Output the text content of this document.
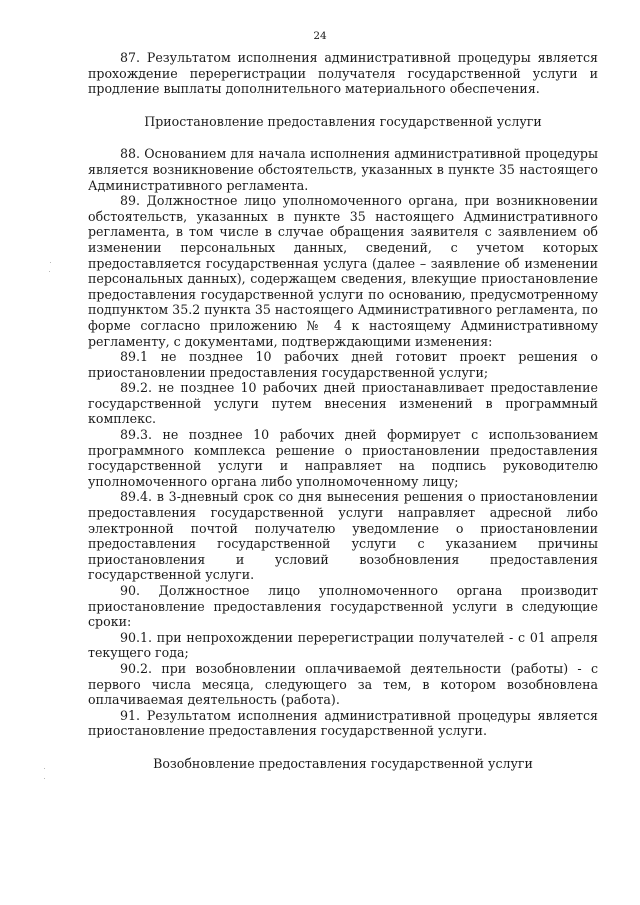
24

87. Результатом исполнения административной процедуры является прохождение перерегистрации получателя государственной услуги и продление выплаты дополнительного материального обеспечения.

Приостановление предоставления государственной услуги

88. Основанием для начала исполнения административной процедуры является возникновение обстоятельств, указанных в пункте 35 настоящего Административного регламента.

89. Должностное лицо уполномоченного органа, при возникновении обстоятельств, указанных в пункте 35 настоящего Административного регламента, в том числе в случае обращения заявителя с заявлением об изменении персональных данных, сведений, с учетом которых предоставляется государственная услуга (далее – заявление об изменении персональных данных), содержащем сведения, влекущие приостановление предоставления государственной услуги по основанию, предусмотренному подпунктом 35.2 пункта 35 настоящего Административного регламента, по форме согласно приложению № 4 к настоящему Административному регламенту, с документами, подтверждающими изменения:

89.1 не позднее 10 рабочих дней готовит проект решения о приостановлении предоставления государственной услуги;

89.2. не позднее 10 рабочих дней приостанавливает предоставление государственной услуги путем внесения изменений в программный комплекс.

89.3. не позднее 10 рабочих дней формирует с использованием программного комплекса решение о приостановлении предоставления государственной услуги и направляет на подпись руководителю уполномоченного органа либо уполномоченному лицу;

89.4. в 3-дневный срок со дня вынесения решения о приостановлении предоставления государственной услуги направляет адресной либо электронной почтой получателю уведомление о приостановлении предоставления государственной услуги с указанием причины приостановления и условий возобновления предоставления государственной услуги.

90. Должностное лицо уполномоченного органа производит приостановление предоставления государственной услуги в следующие сроки:

90.1. при непрохождении перерегистрации получателей - с 01 апреля текущего года;

90.2. при возобновлении оплачиваемой деятельности (работы) - с первого числа месяца, следующего за тем, в котором возобновлена оплачиваемая деятельность (работа).

91. Результатом исполнения административной процедуры является приостановление предоставления государственной услуги.

Возобновление предоставления государственной услуги
